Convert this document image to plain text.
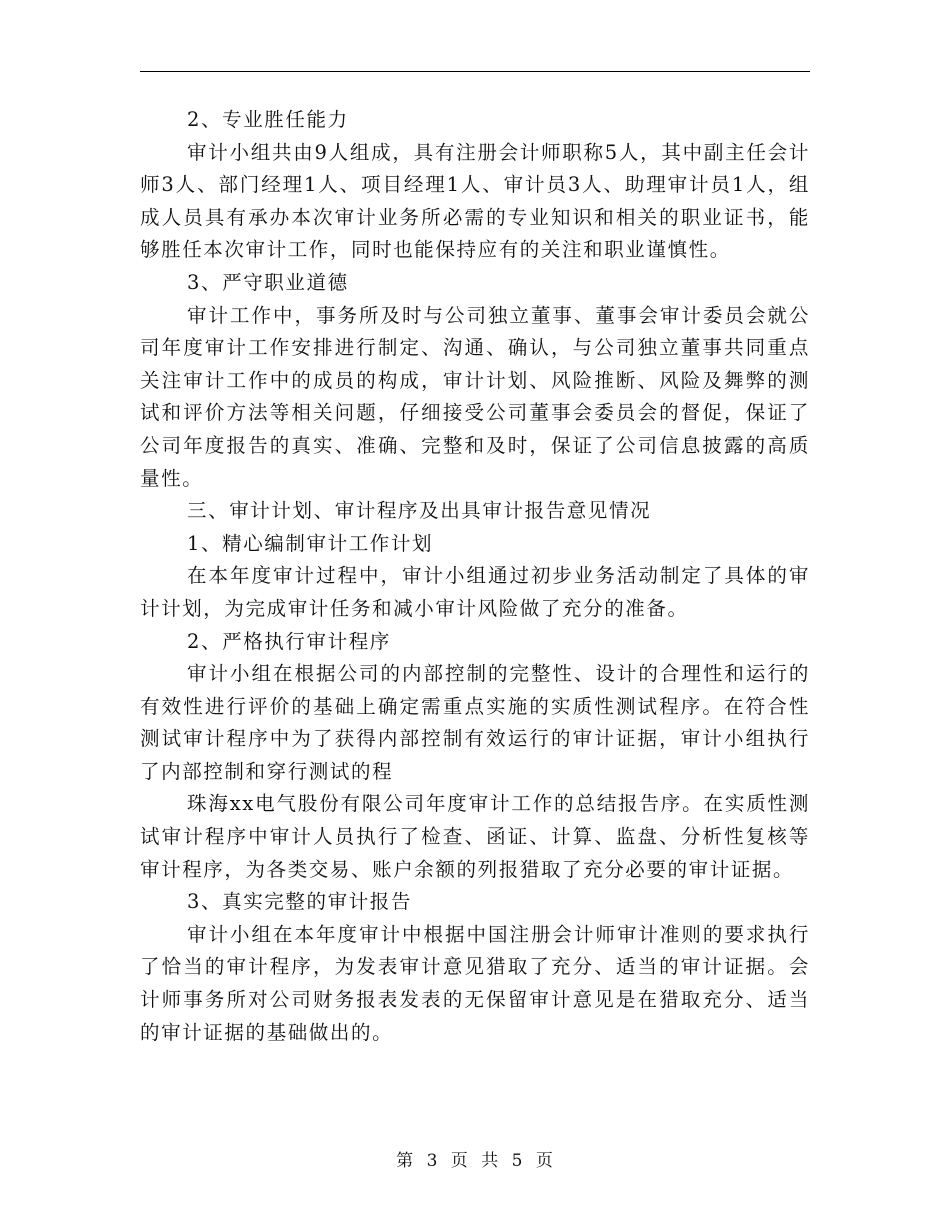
2、专业胜任能力

审计小组共由9人组成，具有注册会计师职称5人，其中副主任会计师3人、部门经理1人、项目经理1人、审计员3人、助理审计员1人，组成人员具有承办本次审计业务所必需的专业知识和相关的职业证书，能够胜任本次审计工作，同时也能保持应有的关注和职业谨慎性。

3、严守职业道德

审计工作中，事务所及时与公司独立董事、董事会审计委员会就公司年度审计工作安排进行制定、沟通、确认，与公司独立董事共同重点关注审计工作中的成员的构成，审计计划、风险推断、风险及舞弊的测试和评价方法等相关问题，仔细接受公司董事会委员会的督促，保证了公司年度报告的真实、准确、完整和及时，保证了公司信息披露的高质量性。

三、审计计划、审计程序及出具审计报告意见情况

1、精心编制审计工作计划

在本年度审计过程中，审计小组通过初步业务活动制定了具体的审计计划，为完成审计任务和减小审计风险做了充分的准备。

2、严格执行审计程序

审计小组在根据公司的内部控制的完整性、设计的合理性和运行的有效性进行评价的基础上确定需重点实施的实质性测试程序。在符合性测试审计程序中为了获得内部控制有效运行的审计证据，审计小组执行了内部控制和穿行测试的程

珠海xx电气股份有限公司年度审计工作的总结报告序。在实质性测试审计程序中审计人员执行了检查、函证、计算、监盘、分析性复核等审计程序，为各类交易、账户余额的列报猎取了充分必要的审计证据。

3、真实完整的审计报告

审计小组在本年度审计中根据中国注册会计师审计准则的要求执行了恰当的审计程序，为发表审计意见猎取了充分、适当的审计证据。会计师事务所对公司财务报表发表的无保留审计意见是在猎取充分、适当的审计证据的基础做出的。

第 3 页 共 5 页
